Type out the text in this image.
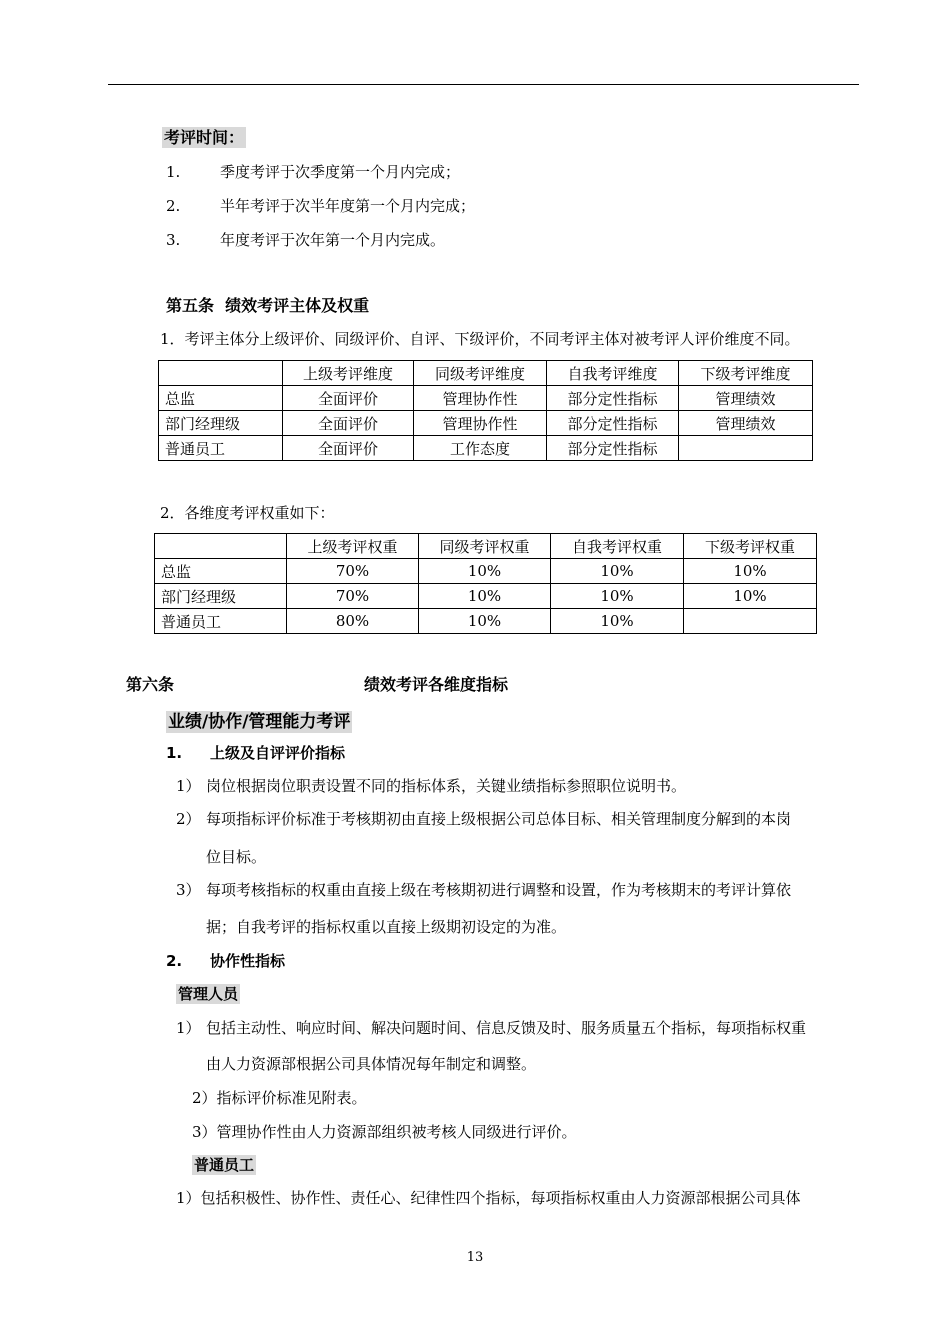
考评时间：
1.	季度考评于次季度第一个月内完成；
2.	半年考评于次半年度第一个月内完成；
3.	年度考评于次年第一个月内完成。
第五条  绩效考评主体及权重
1．考评主体分上级评价、同级评价、自评、下级评价，不同考评主体对被考评人评价维度不同。
	上级考评维度	同级考评维度	自我考评维度	下级考评维度
总监	全面评价	管理协作性	部分定性指标	管理绩效
部门经理级	全面评价	管理协作性	部分定性指标	管理绩效
普通员工	全面评价	工作态度	部分定性指标	
2．各维度考评权重如下：
	上级考评权重	同级考评权重	自我考评权重	下级考评权重
总监	70%	10%	10%	10%
部门经理级	70%	10%	10%	10%
普通员工	80%	10%	10%	
第六条	绩效考评各维度指标
业绩/协作/管理能力考评
1. 上级及自评评价指标
1） 岗位根据岗位职责设置不同的指标体系，关键业绩指标参照职位说明书。
2） 每项指标评价标准于考核期初由直接上级根据公司总体目标、相关管理制度分解到的本岗
位目标。
3） 每项考核指标的权重由直接上级在考核期初进行调整和设置，作为考核期末的考评计算依
据；自我考评的指标权重以直接上级期初设定的为准。
2. 协作性指标
管理人员
1） 包括主动性、响应时间、解决问题时间、信息反馈及时、服务质量五个指标，每项指标权重
由人力资源部根据公司具体情况每年制定和调整。
2）指标评价标准见附表。
3）管理协作性由人力资源部组织被考核人同级进行评价。
普通员工
1）包括积极性、协作性、责任心、纪律性四个指标，每项指标权重由人力资源部根据公司具体
13
